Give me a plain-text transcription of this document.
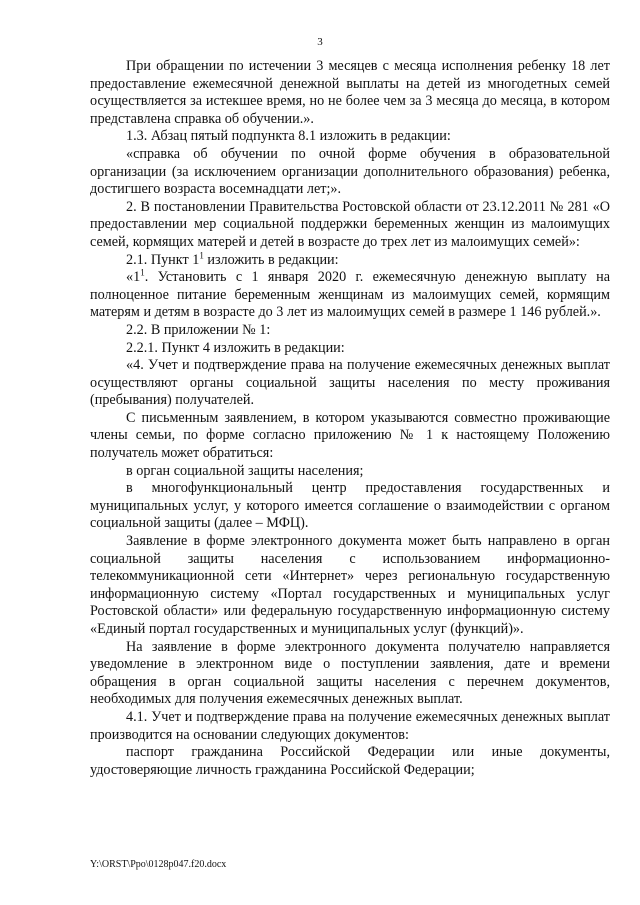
3

При обращении по истечении 3 месяцев с месяца исполнения ребенку 18 лет предоставление ежемесячной денежной выплаты на детей из многодетных семей осуществляется за истекшее время, но не более чем за 3 месяца до месяца, в котором представлена справка об обучении.».

1.3. Абзац пятый подпункта 8.1 изложить в редакции:

«справка об обучении по очной форме обучения в образовательной организации (за исключением организации дополнительного образования) ребенка, достигшего возраста восемнадцати лет;».

2. В постановлении Правительства Ростовской области от 23.12.2011 № 281 «О предоставлении мер социальной поддержки беременных женщин из малоимущих семей, кормящих матерей и детей в возрасте до трех лет из малоимущих семей»:

2.1. Пункт $1^1$ изложить в редакции:

«$1^1$. Установить с 1 января 2020 г. ежемесячную денежную выплату на полноценное питание беременным женщинам из малоимущих семей, кормящим матерям и детям в возрасте до 3 лет из малоимущих семей в размере 1 146 рублей.».

2.2. В приложении № 1:

2.2.1. Пункт 4 изложить в редакции:

«4. Учет и подтверждение права на получение ежемесячных денежных выплат осуществляют органы социальной защиты населения по месту проживания (пребывания) получателей.

С письменным заявлением, в котором указываются совместно проживающие члены семьи, по форме согласно приложению № 1 к настоящему Положению получатель может обратиться:

в орган социальной защиты населения;

в многофункциональный центр предоставления государственных и муниципальных услуг, у которого имеется соглашение о взаимодействии с органом социальной защиты (далее – МФЦ).

Заявление в форме электронного документа может быть направлено в орган социальной защиты населения с использованием информационно-телекоммуникационной сети «Интернет» через региональную государственную информационную систему «Портал государственных и муниципальных услуг Ростовской области» или федеральную государственную информационную систему «Единый портал государственных и муниципальных услуг (функций)».

На заявление в форме электронного документа получателю направляется уведомление в электронном виде о поступлении заявления, дате и времени обращения в орган социальной защиты населения с перечнем документов, необходимых для получения ежемесячных денежных выплат.

4.1. Учет и подтверждение права на получение ежемесячных денежных выплат производится на основании следующих документов:

паспорт гражданина Российской Федерации или иные документы, удостоверяющие личность гражданина Российской Федерации;

Y:\ORST\Ppo\0128p047.f20.docx
